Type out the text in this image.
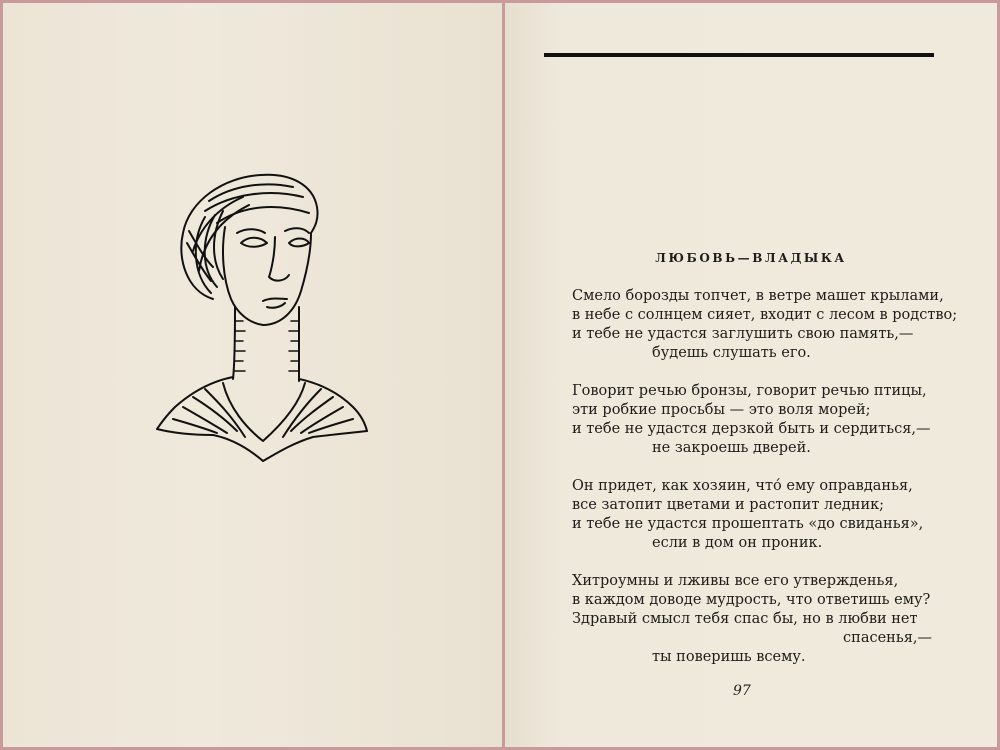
ЛЮБОВЬ—ВЛАДЫКА
Смело борозды топчет, в ветре машет крылами,
в небе с солнцем сияет, входит с лесом в родство;
и тебе не удастся заглушить свою память,—
будешь слушать его.
Говорит речью бронзы, говорит речью птицы,
эти робкие просьбы — это воля морей;
и тебе не удастся дерзкой быть и сердиться,—
не закроешь дверей.
Он придет, как хозяин, что́ ему оправданья,
все затопит цветами и растопит ледник;
и тебе не удастся прошептать «до свиданья»,
если в дом он проник.
Хитроумны и лживы все его утвержденья,
в каждом доводе мудрость, что ответишь ему?
Здравый смысл тебя спас бы, но в любви нет
спасенья,—
ты поверишь всему.
97
